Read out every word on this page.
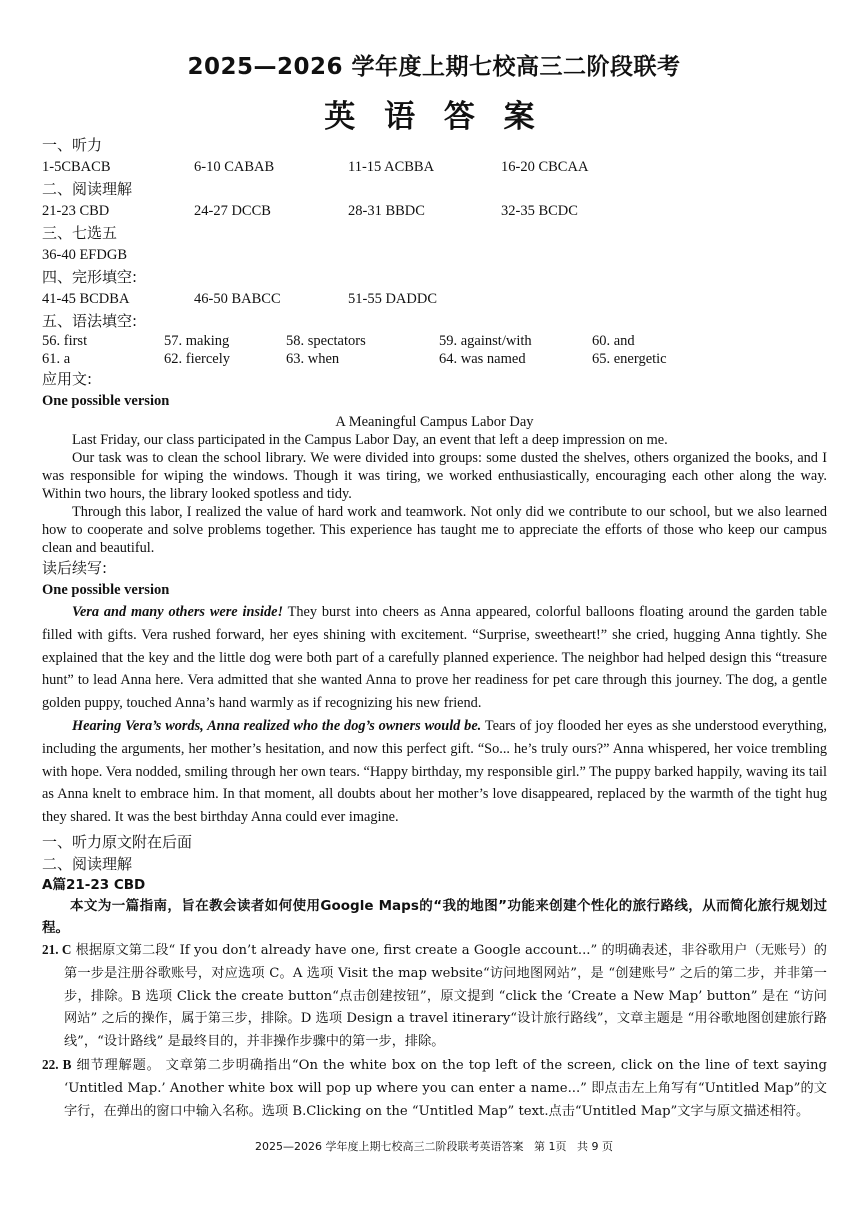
2025—2026 学年度上期七校高三二阶段联考
英 语 答 案
一、听力
1-5CBACB	6-10 CABAB	11-15 ACBBA	16-20 CBCAA
二、阅读理解
21-23 CBD	24-27 DCCB	28-31 BBDC	32-35 BCDC
三、七选五
36-40 EFDGB
四、完形填空:
41-45 BCDBA	46-50 BABCC	51-55 DADDC
五、语法填空:
56. first	57. making	58. spectators	59. against/with	60. and
61. a	62. fiercely	63. when	64. was named	65. energetic
应用文:
One possible version
A Meaningful Campus Labor Day

Last Friday, our class participated in the Campus Labor Day, an event that left a deep impression on me.

Our task was to clean the school library. We were divided into groups: some dusted the shelves, others organized the books, and I was responsible for wiping the windows. Though it was tiring, we worked enthusiastically, encouraging each other along the way. Within two hours, the library looked spotless and tidy.

Through this labor, I realized the value of hard work and teamwork. Not only did we contribute to our school, but we also learned how to cooperate and solve problems together. This experience has taught me to appreciate the efforts of those who keep our campus clean and beautiful.

读后续写:
One possible version

Vera and many others were inside! They burst into cheers as Anna appeared, colorful balloons floating around the garden table filled with gifts. Vera rushed forward, her eyes shining with excitement. “Surprise, sweetheart!” she cried, hugging Anna tightly. She explained that the key and the little dog were both part of a carefully planned experience. The neighbor had helped design this “treasure hunt” to lead Anna here. Vera admitted that she wanted Anna to prove her readiness for pet care through this journey. The dog, a gentle golden puppy, touched Anna’s hand warmly as if recognizing his new friend.

Hearing Vera’s words, Anna realized who the dog’s owners would be. Tears of joy flooded her eyes as she understood everything, including the arguments, her mother’s hesitation, and now this perfect gift. “So... he’s truly ours?” Anna whispered, her voice trembling with hope. Vera nodded, smiling through her own tears. “Happy birthday, my responsible girl.” The puppy barked happily, waving its tail as Anna knelt to embrace him. In that moment, all doubts about her mother’s love disappeared, replaced by the warmth of the tight hug they shared. It was the best birthday Anna could ever imagine.

一、听力原文附在后面
二、阅读理解
A篇21-23 CBD

本文为一篇指南，旨在教会读者如何使用Google Maps的“我的地图”功能来创建个性化的旅行路线，从而简化旅行规划过程。

21. C 根据原文第二段“ If you don’t already have one, first create a Google account...” 的明确表述，非谷歌用户（无账号）的第一步是注册谷歌账号，对应选项 C。A 选项 Visit the map website“访问地图网站”，是 “创建账号” 之后的第二步，并非第一步，排除。B 选项 Click the create button“点击创建按钮”，原文提到 “click the ‘Create a New Map’ button” 是在 “访问网站” 之后的操作，属于第三步，排除。D 选项 Design a travel itinerary“设计旅行路线”，文章主题是 “用谷歌地图创建旅行路线”，“设计路线” 是最终目的，并非操作步骤中的第一步，排除。

22. B 细节理解题。 文章第二步明确指出“On the white box on the top left of the screen, click on the line of text saying ‘Untitled Map.’ Another white box will pop up where you can enter a name...” 即点击左上角写有“Untitled Map”的文字行，在弹出的窗口中输入名称。选项 B.Clicking on the “Untitled Map” text.点击“Untitled Map”文字与原文描述相符。

2025—2026 学年度上期七校高三二阶段联考英语答案   第 1页   共 9 页
